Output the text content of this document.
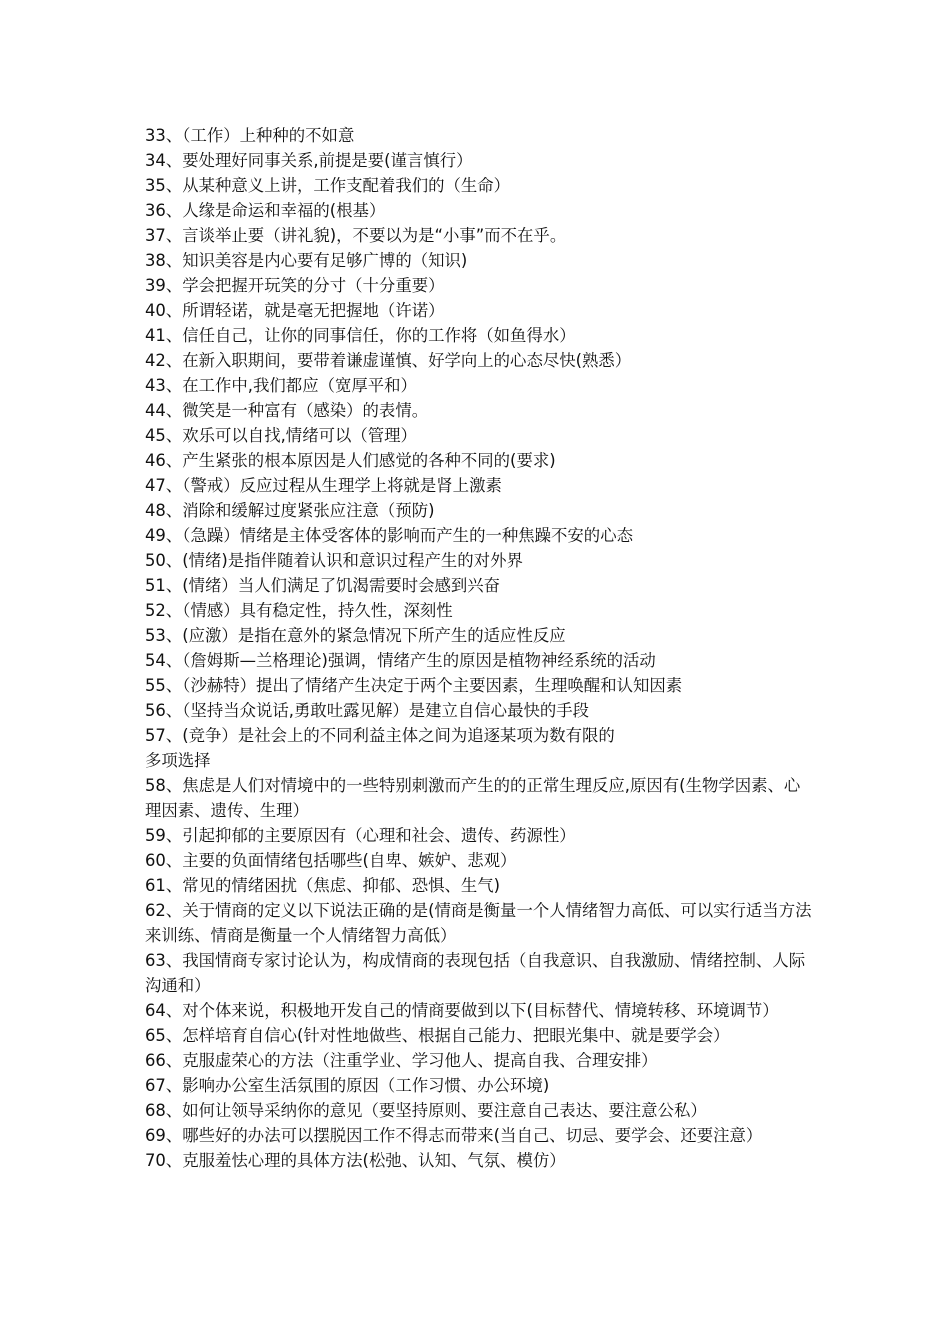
33、（工作）上种种的不如意

34、要处理好同事关系,前提是要(谨言慎行）

35、从某种意义上讲，工作支配着我们的（生命）

36、人缘是命运和幸福的(根基）

37、言谈举止要（讲礼貌)，不要以为是“小事”而不在乎。

38、知识美容是内心要有足够广博的（知识)

39、学会把握开玩笑的分寸（十分重要）

40、所谓轻诺，就是毫无把握地（许诺）

41、信任自己，让你的同事信任，你的工作将（如鱼得水）

42、在新入职期间，要带着谦虚谨慎、好学向上的心态尽快(熟悉）

43、在工作中,我们都应（宽厚平和）

44、微笑是一种富有（感染）的表情。

45、欢乐可以自找,情绪可以（管理）

46、产生紧张的根本原因是人们感觉的各种不同的(要求)

47、（警戒）反应过程从生理学上将就是肾上激素

48、消除和缓解过度紧张应注意（预防)

49、（急躁）情绪是主体受客体的影响而产生的一种焦躁不安的心态

50、(情绪)是指伴随着认识和意识过程产生的对外界

51、(情绪）当人们满足了饥渴需要时会感到兴奋

52、（情感）具有稳定性，持久性，深刻性

53、(应激）是指在意外的紧急情况下所产生的适应性反应

54、（詹姆斯—兰格理论)强调，情绪产生的原因是植物神经系统的活动

55、（沙赫特）提出了情绪产生决定于两个主要因素，生理唤醒和认知因素

56、（坚持当众说话,勇敢吐露见解）是建立自信心最快的手段

57、(竞争）是社会上的不同利益主体之间为追逐某项为数有限的

多项选择

58、焦虑是人们对情境中的一些特别刺激而产生的的正常生理反应,原因有(生物学因素、心理因素、遗传、生理）

59、引起抑郁的主要原因有（心理和社会、遗传、药源性）

60、主要的负面情绪包括哪些(自卑、嫉妒、悲观）

61、常见的情绪困扰（焦虑、抑郁、恐惧、生气)

62、关于情商的定义以下说法正确的是(情商是衡量一个人情绪智力高低、可以实行适当方法来训练、情商是衡量一个人情绪智力高低）

63、我国情商专家讨论认为，构成情商的表现包括（自我意识、自我激励、情绪控制、人际沟通和）

64、对个体来说，积极地开发自己的情商要做到以下(目标替代、情境转移、环境调节）

65、怎样培育自信心(针对性地做些、根据自己能力、把眼光集中、就是要学会）

66、克服虚荣心的方法（注重学业、学习他人、提高自我、合理安排）

67、影响办公室生活氛围的原因（工作习惯、办公环境)

68、如何让领导采纳你的意见（要坚持原则、要注意自己表达、要注意公私）

69、哪些好的办法可以摆脱因工作不得志而带来(当自己、切忌、要学会、还要注意）

70、克服羞怯心理的具体方法(松弛、认知、气氛、模仿）
